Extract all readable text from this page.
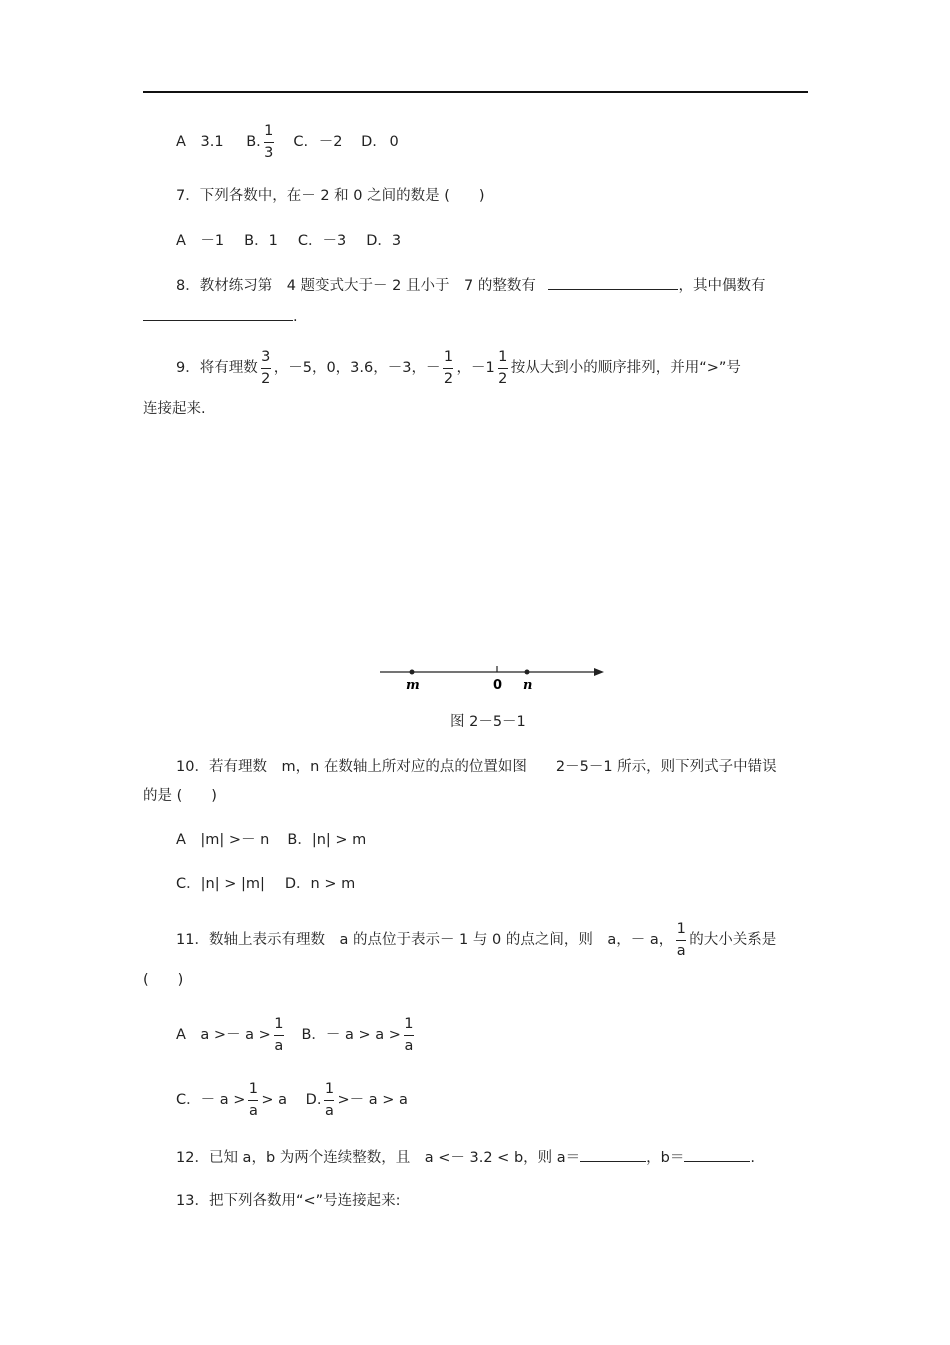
A 3.1 B. $\frac{1}{3} C$. －2 D. 0
7．下列各数中，在－ 2 和 0 之间的数是 (　　)
A　－1 B．1 C．－3 D．3
8．教材练习第　4 题变式大于－ 2 且小于　7 的整数有	，其中偶数有
.
9．将有理数 $\frac{3}{2}$ ，－5，0，3.6，－3，－ $\frac{1}{2}$ ，$-1 \frac{1}{2}$ 按从大到小的顺序排列，并用“>”号
连接起来.
m	0 n
图 2－5－1
10．若有理数　m，n 在数轴上所对应的点的位置如图　　2－5－1 所示，则下列式子中错误
的是 (　　)
A　|m| >－ n B．|n| > m
C．|n| > |m| D．n > m
11．数轴上表示有理数　a 的点位于表示－ 1 与 0 的点之间，则　a，－ a， $\frac{1}{a}$ 的大小关系是
(　　)
A　$a >- a > \frac{1}{a}$ B．－ $a > a > \frac{1}{a}$
C．－ $a > \frac{1}{a} > a$ D. $\frac{1}{a} >- a > a$
12．已知 a，b 为两个连续整数，且　a <－ 3.2 < b，则 a＝	，b＝	.
13．把下列各数用“<”号连接起来:
